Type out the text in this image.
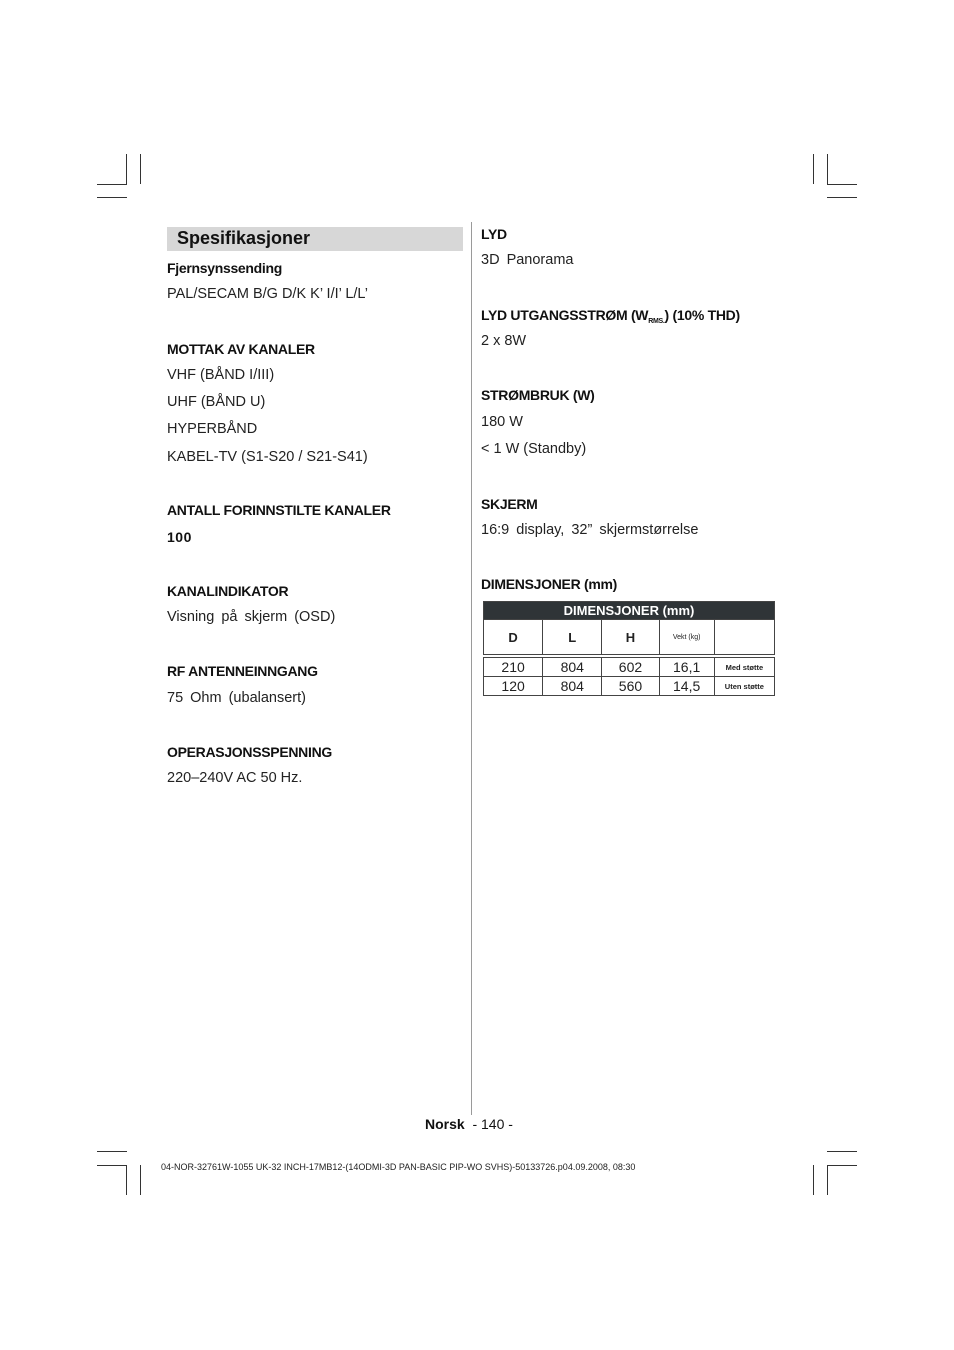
Spesifikasjoner
Fjernsynssending
PAL/SECAM B/G D/K K’ I/I’ L/L’
MOTTAK AV KANALER
VHF (BÅND I/III)
UHF (BÅND U)
HYPERBÅND
KABEL-TV (S1-S20 / S21-S41)
ANTALL FORINNSTILTE KANALER
100
KANALINDIKATOR
Visning på skjerm (OSD)
RF ANTENNEINNGANG
75 Ohm (ubalansert)
OPERASJONSSPENNING
220–240V AC 50 Hz.
LYD
3D Panorama
LYD UTGANGSSTRØM $(W_{RMS.})$ (10% THD)
2 x 8W
STRØMBRUK (W)
180 W
< 1 W (Standby)
SKJERM
16:9 display, 32” skjermstørrelse
DIMENSJONER (mm)
DIMENSJONER (mm)				
D	L	H	Vekt (kg)	

210	804	602	16,1	Med støtte
120	804	560	14,5	Uten støtte
Norsk - 140 -
04-NOR-32761W-1055 UK-32 INCH-17MB12-(14ODMI-3D PAN-BASIC PIP-WO SVHS)-50133726.p04.09.2008, 08:30
